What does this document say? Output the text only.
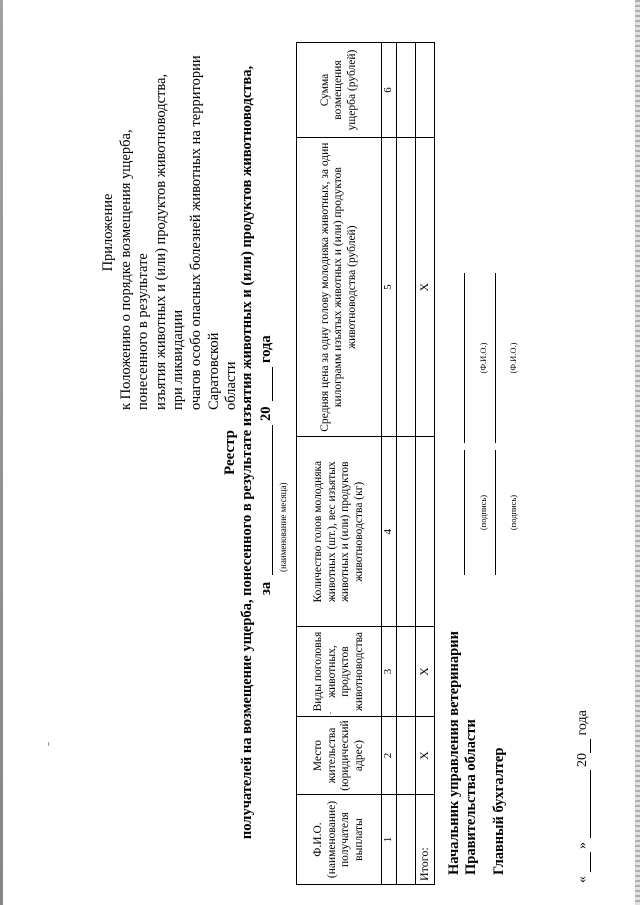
Приложение к Положению о порядке возмещения ущерба, понесенного в результате изъятия животных и (или) продуктов животноводства, при ликвидации очагов особо опасных болезней животных на территории Саратовской области
Реестр получателей на возмещение ущерба, понесенного в результате изъятия животных и (или) продуктов животноводства, за
20
года
(наименование месяца)
Ф.И.О. (наименование) получателя выплаты	Место жительства (юридический адрес)	Виды поголовья животных, продуктов животноводства	Количество голов молодняка животных (шт.), вес изъятых животных и (или) продуктов животноводства (кг)	Средняя цена за одну голову молодняка животных, за один килограмм изъятых животных и (или) продуктов животноводства (рублей)	Сумма возмещения ущерба (рублей)
1	2	3	4	5	6

Итого:	X	X		X	
Начальник управления ветеринарии Правительства области
(подпись)
(Ф.И.О.)
Главный бухгалтер
(подпись)
(Ф.И.О.)
«  »  20 года
